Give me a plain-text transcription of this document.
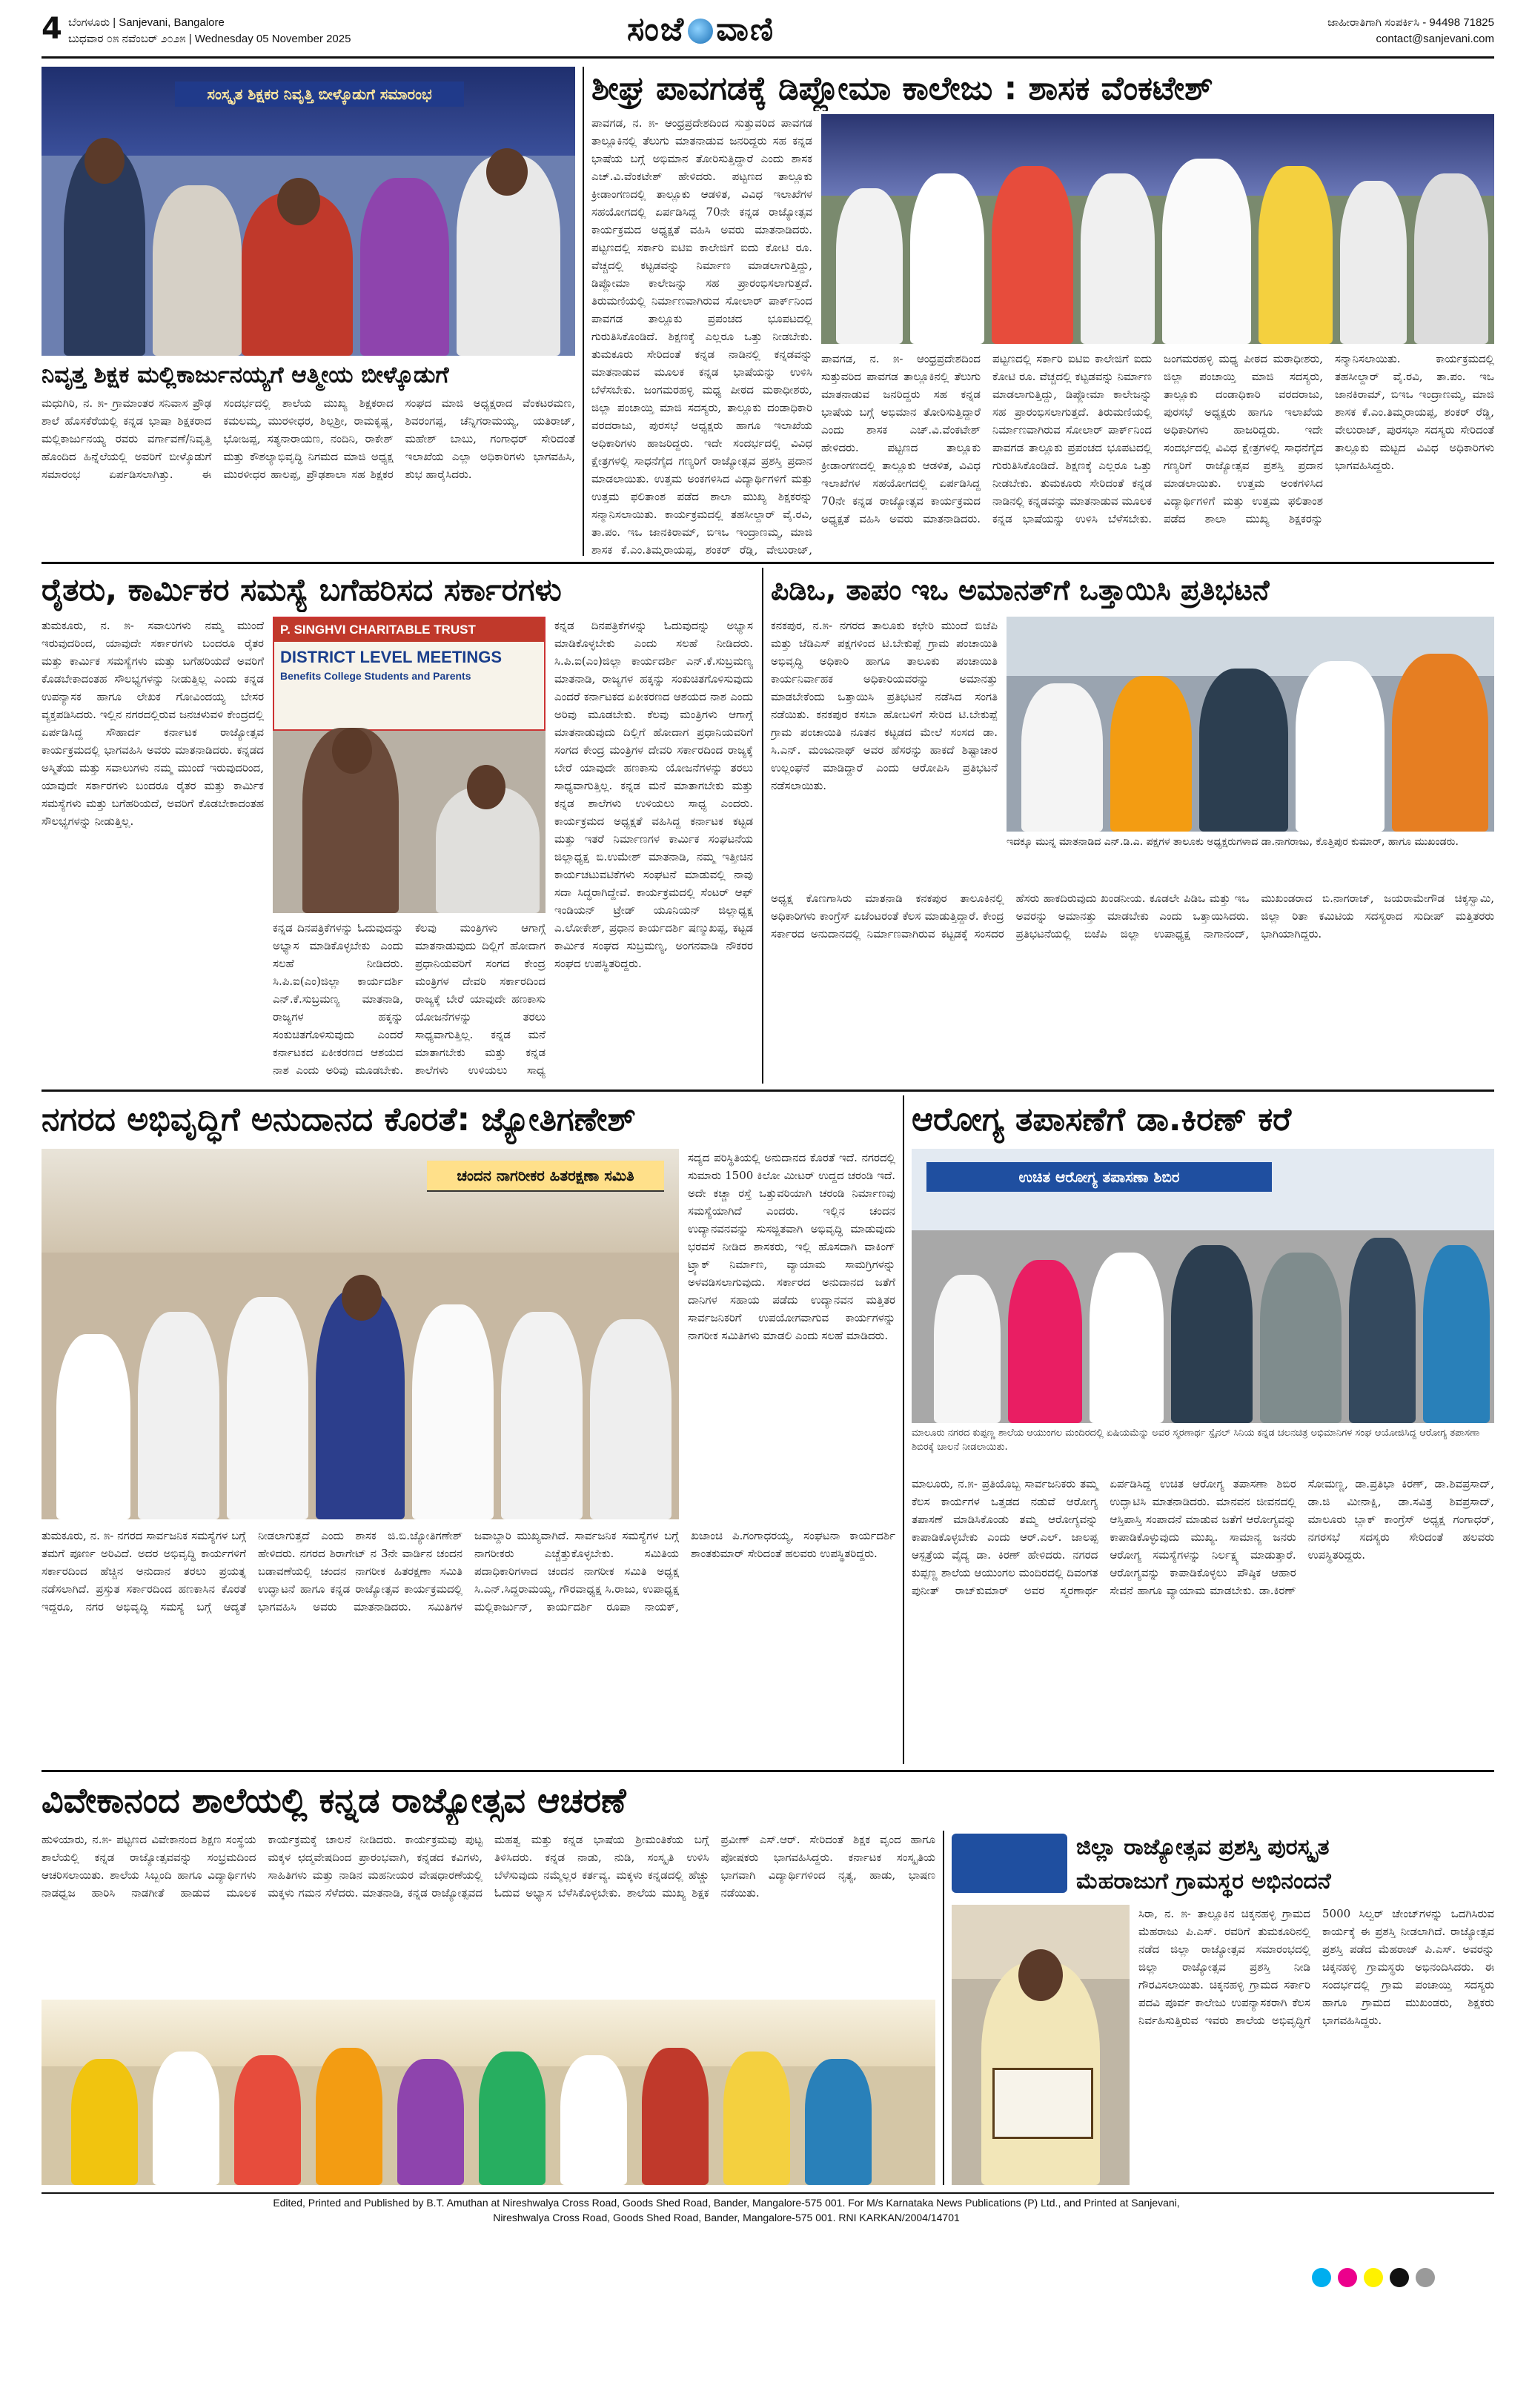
4 ಬೆಂಗಳೂರು | Sanjevani, Bangalore
ಬುಧವಾರ ೦೫ ನವೆಂಬರ್ ೨೦೨೫ | Wednesday 05 November 2025	ಸಂಜೆ ವಾಣಿ	ಜಾಹೀರಾತಿಗಾಗಿ ಸಂಪರ್ಕಿಸಿ - 94498 71825
contact@sanjevani.com
ಸಂಸ್ಕೃತ ಶಿಕ್ಷಕರ ನಿವೃತ್ತಿ ಬೀಳ್ಕೊಡುಗೆ ಸಮಾರಂಭ
ನಿವೃತ್ತ ಶಿಕ್ಷಕ ಮಲ್ಲಿಕಾರ್ಜುನಯ್ಯಗೆ ಆತ್ಮೀಯ ಬೀಳ್ಕೊಡುಗೆ
ಮಧುಗಿರಿ, ನ. ೫- ಗ್ರಾಮಾಂತರ ಸನಿವಾಸ ಪ್ರೌಢ ಶಾಲೆ ಹೊಸಕೆರೆಯಲ್ಲಿ ಕನ್ನಡ ಭಾಷಾ ಶಿಕ್ಷಕರಾದ ಮಲ್ಲಿಕಾರ್ಜುನಯ್ಯ ರವರು ವರ್ಗಾವಣೆ/ನಿವೃತ್ತಿ ಹೊಂದಿದ ಹಿನ್ನೆಲೆಯಲ್ಲಿ ಅವರಿಗೆ ಬೀಳ್ಕೊಡುಗೆ ಸಮಾರಂಭ ಏರ್ಪಡಿಸಲಾಗಿತ್ತು. ಈ ಸಂದರ್ಭದಲ್ಲಿ ಶಾಲೆಯ ಮುಖ್ಯ ಶಿಕ್ಷಕರಾದ ಕಮಲಮ್ಮ, ಮುರಳೀಧರ, ಶಿಲ್ಪಶ್ರೀ, ರಾಮಕೃಷ್ಣ, ಭೋಜಪ್ಪ, ಸತ್ಯನಾರಾಯಣ, ನಂದಿನಿ, ರಾಕೇಶ್ ಮತ್ತು ಕೌಶಲ್ಯಾಭಿವೃದ್ಧಿ ನಿಗಮದ ಮಾಜಿ ಅಧ್ಯಕ್ಷ ಮುರಳೀಧರ ಹಾಲಪ್ಪ, ಪ್ರೌಢಶಾಲಾ ಸಹ ಶಿಕ್ಷಕರ ಸಂಘದ ಮಾಜಿ ಅಧ್ಯಕ್ಷರಾದ ವೆಂಕಟರಮಣ, ಶಿವರಂಗಪ್ಪ, ಚೆನ್ನಿಗರಾಮಯ್ಯ, ಯತಿರಾಜ್, ಮಹೇಶ್ ಬಾಬು, ಗಂಗಾಧರ್ ಸೇರಿದಂತೆ ಇಲಾಖೆಯ ಎಲ್ಲಾ ಅಧಿಕಾರಿಗಳು ಭಾಗವಹಿಸಿ, ಶುಭ ಹಾರೈಸಿದರು.
ಶೀಘ್ರ ಪಾವಗಡಕ್ಕೆ ಡಿಪ್ಲೋಮಾ ಕಾಲೇಜು : ಶಾಸಕ ವೆಂಕಟೇಶ್
ಪಾವಗಡ, ನ. ೫- ಆಂಧ್ರಪ್ರದೇಶದಿಂದ ಸುತ್ತುವರಿದ ಪಾವಗಡ ತಾಲ್ಲೂಕಿನಲ್ಲಿ ತೆಲುಗು ಮಾತನಾಡುವ ಜನರಿದ್ದರು ಸಹ ಕನ್ನಡ ಭಾಷೆಯ ಬಗ್ಗೆ ಅಭಿಮಾನ ತೋರಿಸುತ್ತಿದ್ದಾರೆ ಎಂದು ಶಾಸಕ ಎಚ್.ವಿ.ವೆಂಕಟೇಶ್ ಹೇಳಿದರು. ಪಟ್ಟಣದ ತಾಲ್ಲೂಕು ಕ್ರೀಡಾಂಗಣದಲ್ಲಿ ತಾಲ್ಲೂಕು ಆಡಳಿತ, ವಿವಿಧ ಇಲಾಖೆಗಳ ಸಹಯೋಗದಲ್ಲಿ ಏರ್ಪಡಿಸಿದ್ದ 70ನೇ ಕನ್ನಡ ರಾಜ್ಯೋತ್ಸವ ಕಾರ್ಯಕ್ರಮದ ಅಧ್ಯಕ್ಷತೆ ವಹಿಸಿ ಅವರು ಮಾತನಾಡಿದರು. ಪಟ್ಟಣದಲ್ಲಿ ಸರ್ಕಾರಿ ಐಟಿಐ ಕಾಲೇಜಿಗೆ ಐದು ಕೋಟಿ ರೂ. ವೆಚ್ಚದಲ್ಲಿ ಕಟ್ಟಡವನ್ನು ನಿರ್ಮಾಣ ಮಾಡಲಾಗುತ್ತಿದ್ದು, ಡಿಪ್ಲೋಮಾ ಕಾಲೇಜನ್ನು ಸಹ ಪ್ರಾರಂಭಿಸಲಾಗುತ್ತದೆ. ತಿರುಮಣಿಯಲ್ಲಿ ನಿರ್ಮಾಣವಾಗಿರುವ ಸೋಲಾರ್ ಪಾರ್ಕ್‌ನಿಂದ ಪಾವಗಡ ತಾಲ್ಲೂಕು ಪ್ರಪಂಚದ ಭೂಪಟದಲ್ಲಿ ಗುರುತಿಸಿಕೊಂಡಿದೆ. ಶಿಕ್ಷಣಕ್ಕೆ ಎಲ್ಲರೂ ಒತ್ತು ನೀಡಬೇಕು. ತುಮಕೂರು ಸೇರಿದಂತೆ ಕನ್ನಡ ನಾಡಿನಲ್ಲಿ ಕನ್ನಡವನ್ನು ಮಾತನಾಡುವ ಮೂಲಕ ಕನ್ನಡ ಭಾಷೆಯನ್ನು ಉಳಿಸಿ ಬೆಳೆಸಬೇಕು. ಜಂಗಮರಹಳ್ಳಿ ಮಧ್ಯ ಪೀಠದ ಮಠಾಧೀಶರು, ಜಿಲ್ಲಾ ಪಂಚಾಯ್ತಿ ಮಾಜಿ ಸದಸ್ಯರು, ತಾಲ್ಲೂಕು ದಂಡಾಧಿಕಾರಿ ವರದರಾಜು, ಪುರಸಭೆ ಅಧ್ಯಕ್ಷರು ಹಾಗೂ ಇಲಾಖೆಯ ಅಧಿಕಾರಿಗಳು ಹಾಜರಿದ್ದರು. ಇದೇ ಸಂದರ್ಭದಲ್ಲಿ ವಿವಿಧ ಕ್ಷೇತ್ರಗಳಲ್ಲಿ ಸಾಧನೆಗೈದ ಗಣ್ಯರಿಗೆ ರಾಜ್ಯೋತ್ಸವ ಪ್ರಶಸ್ತಿ ಪ್ರದಾನ ಮಾಡಲಾಯಿತು. ಉತ್ತಮ ಅಂಕಗಳಿಸಿದ ವಿದ್ಯಾರ್ಥಿಗಳಿಗೆ ಮತ್ತು ಉತ್ತಮ ಫಲಿತಾಂಶ ಪಡೆದ ಶಾಲಾ ಮುಖ್ಯ ಶಿಕ್ಷಕರನ್ನು ಸನ್ಮಾನಿಸಲಾಯಿತು. ಕಾರ್ಯಕ್ರಮದಲ್ಲಿ ತಹಸೀಲ್ದಾರ್ ವೈ.ರವಿ, ತಾ.ಪಂ. ಇಒ ಜಾನಕಿರಾಮ್, ಬಿಇಒ ಇಂದ್ರಾಣಮ್ಮ, ಮಾಜಿ ಶಾಸಕ ಕೆ.ಎಂ.ತಿಮ್ಮರಾಯಪ್ಪ, ಶಂಕರ್ ರೆಡ್ಡಿ, ವೇಲುರಾಜ್,
ಪಾವಗಡ, ನ. ೫- ಆಂಧ್ರಪ್ರದೇಶದಿಂದ ಸುತ್ತುವರಿದ ಪಾವಗಡ ತಾಲ್ಲೂಕಿನಲ್ಲಿ ತೆಲುಗು ಮಾತನಾಡುವ ಜನರಿದ್ದರು ಸಹ ಕನ್ನಡ ಭಾಷೆಯ ಬಗ್ಗೆ ಅಭಿಮಾನ ತೋರಿಸುತ್ತಿದ್ದಾರೆ ಎಂದು ಶಾಸಕ ಎಚ್.ವಿ.ವೆಂಕಟೇಶ್ ಹೇಳಿದರು. ಪಟ್ಟಣದ ತಾಲ್ಲೂಕು ಕ್ರೀಡಾಂಗಣದಲ್ಲಿ ತಾಲ್ಲೂಕು ಆಡಳಿತ, ವಿವಿಧ ಇಲಾಖೆಗಳ ಸಹಯೋಗದಲ್ಲಿ ಏರ್ಪಡಿಸಿದ್ದ 70ನೇ ಕನ್ನಡ ರಾಜ್ಯೋತ್ಸವ ಕಾರ್ಯಕ್ರಮದ ಅಧ್ಯಕ್ಷತೆ ವಹಿಸಿ ಅವರು ಮಾತನಾಡಿದರು. ಪಟ್ಟಣದಲ್ಲಿ ಸರ್ಕಾರಿ ಐಟಿಐ ಕಾಲೇಜಿಗೆ ಐದು ಕೋಟಿ ರೂ. ವೆಚ್ಚದಲ್ಲಿ ಕಟ್ಟಡವನ್ನು ನಿರ್ಮಾಣ ಮಾಡಲಾಗುತ್ತಿದ್ದು, ಡಿಪ್ಲೋಮಾ ಕಾಲೇಜನ್ನು ಸಹ ಪ್ರಾರಂಭಿಸಲಾಗುತ್ತದೆ. ತಿರುಮಣಿಯಲ್ಲಿ ನಿರ್ಮಾಣವಾಗಿರುವ ಸೋಲಾರ್ ಪಾರ್ಕ್‌ನಿಂದ ಪಾವಗಡ ತಾಲ್ಲೂಕು ಪ್ರಪಂಚದ ಭೂಪಟದಲ್ಲಿ ಗುರುತಿಸಿಕೊಂಡಿದೆ. ಶಿಕ್ಷಣಕ್ಕೆ ಎಲ್ಲರೂ ಒತ್ತು ನೀಡಬೇಕು. ತುಮಕೂರು ಸೇರಿದಂತೆ ಕನ್ನಡ ನಾಡಿನಲ್ಲಿ ಕನ್ನಡವನ್ನು ಮಾತನಾಡುವ ಮೂಲಕ ಕನ್ನಡ ಭಾಷೆಯನ್ನು ಉಳಿಸಿ ಬೆಳೆಸಬೇಕು. ಜಂಗಮರಹಳ್ಳಿ ಮಧ್ಯ ಪೀಠದ ಮಠಾಧೀಶರು, ಜಿಲ್ಲಾ ಪಂಚಾಯ್ತಿ ಮಾಜಿ ಸದಸ್ಯರು, ತಾಲ್ಲೂಕು ದಂಡಾಧಿಕಾರಿ ವರದರಾಜು, ಪುರಸಭೆ ಅಧ್ಯಕ್ಷರು ಹಾಗೂ ಇಲಾಖೆಯ ಅಧಿಕಾರಿಗಳು ಹಾಜರಿದ್ದರು. ಇದೇ ಸಂದರ್ಭದಲ್ಲಿ ವಿವಿಧ ಕ್ಷೇತ್ರಗಳಲ್ಲಿ ಸಾಧನೆಗೈದ ಗಣ್ಯರಿಗೆ ರಾಜ್ಯೋತ್ಸವ ಪ್ರಶಸ್ತಿ ಪ್ರದಾನ ಮಾಡಲಾಯಿತು. ಉತ್ತಮ ಅಂಕಗಳಿಸಿದ ವಿದ್ಯಾರ್ಥಿಗಳಿಗೆ ಮತ್ತು ಉತ್ತಮ ಫಲಿತಾಂಶ ಪಡೆದ ಶಾಲಾ ಮುಖ್ಯ ಶಿಕ್ಷಕರನ್ನು ಸನ್ಮಾನಿಸಲಾಯಿತು. ಕಾರ್ಯಕ್ರಮದಲ್ಲಿ ತಹಸೀಲ್ದಾರ್ ವೈ.ರವಿ, ತಾ.ಪಂ. ಇಒ ಜಾನಕಿರಾಮ್, ಬಿಇಒ ಇಂದ್ರಾಣಮ್ಮ, ಮಾಜಿ ಶಾಸಕ ಕೆ.ಎಂ.ತಿಮ್ಮರಾಯಪ್ಪ, ಶಂಕರ್ ರೆಡ್ಡಿ, ವೇಲುರಾಜ್, ಪುರಸಭಾ ಸದಸ್ಯರು ಸೇರಿದಂತೆ ತಾಲ್ಲೂಕು ಮಟ್ಟದ ವಿವಿಧ ಅಧಿಕಾರಿಗಳು ಭಾಗವಹಿಸಿದ್ದರು.
ರೈತರು, ಕಾರ್ಮಿಕರ ಸಮಸ್ಯೆ ಬಗೆಹರಿಸದ ಸರ್ಕಾರಗಳು
ತುಮಕೂರು, ನ. ೫- ಸವಾಲುಗಳು ನಮ್ಮ ಮುಂದೆ ಇರುವುದರಿಂದ, ಯಾವುದೇ ಸರ್ಕಾರಗಳು ಬಂದರೂ ರೈತರ ಮತ್ತು ಕಾರ್ಮಿಕ ಸಮಸ್ಯೆಗಳು ಮತ್ತು ಬಗೆಹರಿಯದೆ ಅವರಿಗೆ ಕೊಡಬೇಕಾದಂತಹ ಸೌಲಭ್ಯಗಳನ್ನು ನೀಡುತ್ತಿಲ್ಲ ಎಂದು ಕನ್ನಡ ಉಪನ್ಯಾಸಕ ಹಾಗೂ ಲೇಖಕ ಗೋವಿಂದಯ್ಯ ಬೇಸರ ವ್ಯಕ್ತಪಡಿಸಿದರು. ಇಲ್ಲಿನ ನಗರದಲ್ಲಿರುವ ಜನಚಳುವಳಿ ಕೇಂದ್ರದಲ್ಲಿ ಏರ್ಪಡಿಸಿದ್ದ ಸೌಹಾರ್ದ ಕರ್ನಾಟಕ ರಾಜ್ಯೋತ್ಸವ ಕಾರ್ಯಕ್ರಮದಲ್ಲಿ ಭಾಗವಹಿಸಿ ಅವರು ಮಾತನಾಡಿದರು. ಕನ್ನಡದ ಅಸ್ಮಿತೆಯ ಮತ್ತು ಸವಾಲುಗಳು ನಮ್ಮ ಮುಂದೆ ಇರುವುದರಿಂದ, ಯಾವುದೇ ಸರ್ಕಾರಗಳು ಬಂದರೂ ರೈತರ ಮತ್ತು ಕಾರ್ಮಿಕ ಸಮಸ್ಯೆಗಳು ಮತ್ತು ಬಗೆಹರಿಯದೆ, ಅವರಿಗೆ ಕೊಡಬೇಕಾದಂತಹ ಸೌಲಭ್ಯಗಳನ್ನು ನೀಡುತ್ತಿಲ್ಲ.
P. SINGHVI CHARITABLE TRUST
DISTRICT LEVEL MEETINGS
Benefits College Students and Parents
ಕನ್ನಡ ದಿನಪತ್ರಿಕೆಗಳನ್ನು ಓದುವುದನ್ನು ಅಭ್ಯಾಸ ಮಾಡಿಕೊಳ್ಳಬೇಕು ಎಂದು ಸಲಹೆ ನೀಡಿದರು. ಸಿ.ಪಿ.ಐ(ಎಂ)ಜಿಲ್ಲಾ ಕಾರ್ಯದರ್ಶಿ ಎನ್.ಕೆ.ಸುಬ್ರಮಣ್ಯ ಮಾತನಾಡಿ, ರಾಜ್ಯಗಳ ಹಕ್ಕನ್ನು ಸಂಕುಚಿತಗೊಳಿಸುವುದು ಎಂದರೆ ಕರ್ನಾಟಕದ ಏಕೀಕರಣದ ಆಶಯದ ನಾಶ ಎಂದು ಅರಿವು ಮೂಡಬೇಕು. ಕೆಲವು ಮಂತ್ರಿಗಳು ಆಗಾಗ್ಗೆ ಮಾತನಾಡುವುದು ದಿಲ್ಲಿಗೆ ಹೋದಾಗ ಪ್ರಧಾನಿಯವರಿಗೆ ಸಂಗದ ಕೇಂದ್ರ ಮಂತ್ರಿಗಳ ದೇವರಿ ಸರ್ಕಾರದಿಂದ ರಾಜ್ಯಕ್ಕೆ ಬೇರೆ ಯಾವುದೇ ಹಣಕಾಸು ಯೋಜನೆಗಳನ್ನು ತರಲು ಸಾಧ್ಯವಾಗುತ್ತಿಲ್ಲ. ಕನ್ನಡ ಮನೆ ಮಾತಾಗಬೇಕು ಮತ್ತು ಕನ್ನಡ ಶಾಲೆಗಳು ಉಳಿಯಲು ಸಾಧ್ಯ ಎಂದರು. ಕಾರ್ಯಕ್ರಮದ ಅಧ್ಯಕ್ಷತೆ ವಹಿಸಿದ್ದ ಕರ್ನಾಟಕ ಕಟ್ಟಡ ಮತ್ತು ಇತರೆ ನಿರ್ಮಾಣಗಳ ಕಾರ್ಮಿಕ ಸಂಘಟನೆಯ ಜಿಲ್ಲಾಧ್ಯಕ್ಷ ಬಿ.ಉಮೇಶ್ ಮಾತನಾಡಿ, ನಮ್ಮ ಇತ್ತೀಚಿನ ಕಾರ್ಯಚಟುವಟಿಕೆಗಳು ಸಂಘಟನೆ ಮಾಡುವಲ್ಲಿ ನಾವು ಸದಾ ಸಿದ್ಧರಾಗಿದ್ದೇವೆ. ಕಾರ್ಯಕ್ರಮದಲ್ಲಿ ಸೆಂಟರ್ ಆಫ್ ಇಂಡಿಯನ್ ಟ್ರೇಡ್ ಯೂನಿಯನ್ ಜಿಲ್ಲಾಧ್ಯಕ್ಷ ಎ.ಲೋಕೇಶ್, ಪ್ರಧಾನ ಕಾರ್ಯದರ್ಶಿ ಷಣ್ಮುಖಪ್ಪ, ಕಟ್ಟಡ ಕಾರ್ಮಿಕ ಸಂಘದ ಸುಬ್ರಮಣ್ಯ, ಅಂಗನವಾಡಿ ನೌಕರರ ಸಂಘದ ಉಪಸ್ಥಿತರಿದ್ದರು.
ಕನ್ನಡ ದಿನಪತ್ರಿಕೆಗಳನ್ನು ಓದುವುದನ್ನು ಅಭ್ಯಾಸ ಮಾಡಿಕೊಳ್ಳಬೇಕು ಎಂದು ಸಲಹೆ ನೀಡಿದರು. ಸಿ.ಪಿ.ಐ(ಎಂ)ಜಿಲ್ಲಾ ಕಾರ್ಯದರ್ಶಿ ಎನ್.ಕೆ.ಸುಬ್ರಮಣ್ಯ ಮಾತನಾಡಿ, ರಾಜ್ಯಗಳ ಹಕ್ಕನ್ನು ಸಂಕುಚಿತಗೊಳಿಸುವುದು ಎಂದರೆ ಕರ್ನಾಟಕದ ಏಕೀಕರಣದ ಆಶಯದ ನಾಶ ಎಂದು ಅರಿವು ಮೂಡಬೇಕು. ಕೆಲವು ಮಂತ್ರಿಗಳು ಆಗಾಗ್ಗೆ ಮಾತನಾಡುವುದು ದಿಲ್ಲಿಗೆ ಹೋದಾಗ ಪ್ರಧಾನಿಯವರಿಗೆ ಸಂಗದ ಕೇಂದ್ರ ಮಂತ್ರಿಗಳ ದೇವರಿ ಸರ್ಕಾರದಿಂದ ರಾಜ್ಯಕ್ಕೆ ಬೇರೆ ಯಾವುದೇ ಹಣಕಾಸು ಯೋಜನೆಗಳನ್ನು ತರಲು ಸಾಧ್ಯವಾಗುತ್ತಿಲ್ಲ. ಕನ್ನಡ ಮನೆ ಮಾತಾಗಬೇಕು ಮತ್ತು ಕನ್ನಡ ಶಾಲೆಗಳು ಉಳಿಯಲು ಸಾಧ್ಯ
ಪಿಡಿಒ, ತಾಪಂ ಇಒ ಅಮಾನತ್‌ಗೆ ಒತ್ತಾಯಿಸಿ ಪ್ರತಿಭಟನೆ
ಕನಕಪುರ, ನ.೫- ನಗರದ ತಾಲೂಕು ಕಛೇರಿ ಮುಂದೆ ಬಿಜೆಪಿ ಮತ್ತು ಜೆಡಿಎಸ್ ಪಕ್ಷಗಳಿಂದ ಟಿ.ಬೇಕುಪ್ಪೆ ಗ್ರಾಮ ಪಂಚಾಯಿತಿ ಅಭಿವೃದ್ಧಿ ಅಧಿಕಾರಿ ಹಾಗೂ ತಾಲೂಕು ಪಂಚಾಯಿತಿ ಕಾರ್ಯನಿರ್ವಾಹಕ ಅಧಿಕಾರಿಯವರನ್ನು ಅಮಾನತ್ತು ಮಾಡಬೇಕೆಂದು ಒತ್ತಾಯಿಸಿ ಪ್ರತಿಭಟನೆ ನಡೆಸಿದ ಸಂಗತಿ ನಡೆಯಿತು. ಕನಕಪುರ ಕಸಬಾ ಹೋಬಳಿಗೆ ಸೇರಿದ ಟಿ.ಬೇಕುಪ್ಪೆ ಗ್ರಾಮ ಪಂಚಾಯಿತಿ ನೂತನ ಕಟ್ಟಡದ ಮೇಲೆ ಸಂಸದ ಡಾ. ಸಿ.ಎನ್. ಮಂಜುನಾಥ್ ಅವರ ಹೆಸರನ್ನು ಹಾಕದೆ ಶಿಷ್ಟಾಚಾರ ಉಲ್ಲಂಘನೆ ಮಾಡಿದ್ದಾರೆ ಎಂದು ಆರೋಪಿಸಿ ಪ್ರತಿಭಟನೆ ನಡೆಸಲಾಯಿತು.
ಇದಕ್ಕೂ ಮುನ್ನ ಮಾತನಾಡಿದ ಎನ್.ಡಿ.ಎ. ಪಕ್ಷಗಳ ತಾಲೂಕು ಅಧ್ಯಕ್ಷರುಗಳಾದ ಡಾ.ನಾಗರಾಜು, ಕೊತ್ತಿಪುರ ಕುಮಾರ್, ಹಾಗೂ ಮುಖಂಡರು.
ಅಧ್ಯಕ್ಷ ಕೊಣಗಾಸಿರು ಮಾತನಾಡಿ ಕನಕಪುರ ತಾಲೂಕಿನಲ್ಲಿ ಅಧಿಕಾರಿಗಳು ಕಾಂಗ್ರೆಸ್ ಏಜೆಂಟರಂತೆ ಕೆಲಸ ಮಾಡುತ್ತಿದ್ದಾರೆ. ಕೇಂದ್ರ ಸರ್ಕಾರದ ಅನುದಾನದಲ್ಲಿ ನಿರ್ಮಾಣವಾಗಿರುವ ಕಟ್ಟಡಕ್ಕೆ ಸಂಸದರ ಹೆಸರು ಹಾಕದಿರುವುದು ಖಂಡನೀಯ. ಕೂಡಲೇ ಪಿಡಿಒ ಮತ್ತು ಇಒ ಅವರನ್ನು ಅಮಾನತ್ತು ಮಾಡಬೇಕು ಎಂದು ಒತ್ತಾಯಿಸಿದರು. ಪ್ರತಿಭಟನೆಯಲ್ಲಿ ಬಿಜೆಪಿ ಜಿಲ್ಲಾ ಉಪಾಧ್ಯಕ್ಷ ನಾಗಾನಂದ್, ಮುಖಂಡರಾದ ಬಿ.ನಾಗರಾಜ್, ಜಯರಾಮೇಗೌಡ ಚಿಕ್ಕಸ್ವಾಮಿ, ಜಿಲ್ಲಾ ರಿತಾ ಕಮಿಟಿಯ ಸದಸ್ಯರಾದ ಸುದೀಪ್ ಮತ್ತಿತರರು ಭಾಗಿಯಾಗಿದ್ದರು.
ನಗರದ ಅಭಿವೃದ್ಧಿಗೆ ಅನುದಾನದ ಕೊರತೆ: ಜ್ಯೋತಿಗಣೇಶ್
ಚಂದನ ನಾಗರೀಕರ ಹಿತರಕ್ಷಣಾ ಸಮಿತಿ
ಸದ್ಯದ ಪರಿಸ್ಥಿತಿಯಲ್ಲಿ ಅನುದಾನದ ಕೊರತೆ ಇದೆ. ನಗರದಲ್ಲಿ ಸುಮಾರು 1500 ಕಿಲೋ ಮೀಟರ್ ಉದ್ದದ ಚರಂಡಿ ಇದೆ. ಅದೇ ಕಚ್ಚಾ ರಸ್ತೆ ಒತ್ತುವರಿಯಾಗಿ ಚರಂಡಿ ನಿರ್ಮಾಣವು ಸಮಸ್ಯೆಯಾಗಿದೆ ಎಂದರು. ಇಲ್ಲಿನ ಚಂದನ ಉದ್ಯಾನವನವನ್ನು ಸುಸಜ್ಜಿತವಾಗಿ ಅಭಿವೃದ್ಧಿ ಮಾಡುವುದು ಭರವಸೆ ನೀಡಿದ ಶಾಸಕರು, ಇಲ್ಲಿ ಹೊಸದಾಗಿ ವಾಕಿಂಗ್ ಟ್ರ್ಯಾಕ್ ನಿರ್ಮಾಣ, ವ್ಯಾಯಾಮ ಸಾಮಗ್ರಿಗಳನ್ನು ಅಳವಡಿಸಲಾಗುವುದು. ಸರ್ಕಾರದ ಅನುದಾನದ ಜತೆಗೆ ದಾನಿಗಳ ಸಹಾಯ ಪಡೆದು ಉದ್ಯಾನವನ ಮತ್ತಿತರ ಸಾರ್ವಜನಿಕರಿಗೆ ಉಪಯೋಗವಾಗುವ ಕಾರ್ಯಗಳನ್ನು ನಾಗರೀಕ ಸಮಿತಿಗಳು ಮಾಡಲಿ ಎಂದು ಸಲಹೆ ಮಾಡಿದರು.
ತುಮಕೂರು, ನ. ೫- ನಗರದ ಸಾರ್ವಜನಿಕ ಸಮಸ್ಯೆಗಳ ಬಗ್ಗೆ ತಮಗೆ ಪೂರ್ಣ ಅರಿವಿದೆ. ಅದರ ಅಭಿವೃದ್ಧಿ ಕಾರ್ಯಗಳಿಗೆ ಸರ್ಕಾರದಿಂದ ಹೆಚ್ಚಿನ ಅನುದಾನ ತರಲು ಪ್ರಯತ್ನ ನಡೆಸಲಾಗಿದೆ. ಪ್ರಸ್ತುತ ಸರ್ಕಾರದಿಂದ ಹಣಕಾಸಿನ ಕೊರತೆ ಇದ್ದರೂ, ನಗರ ಅಭಿವೃದ್ಧಿ ಸಮಸ್ಯೆ ಬಗ್ಗೆ ಆದ್ಯತೆ ನೀಡಲಾಗುತ್ತದೆ ಎಂದು ಶಾಸಕ ಜಿ.ಬಿ.ಜ್ಯೋತಿಗಣೇಶ್ ಹೇಳಿದರು. ನಗರದ ಶಿರಾಗೇಟ್ ನ 3ನೇ ವಾರ್ಡಿನ ಚಂದನ ಬಡಾವಣೆಯಲ್ಲಿ ಚಂದನ ನಾಗರೀಕ ಹಿತರಕ್ಷಣಾ ಸಮಿತಿ ಉದ್ಘಾಟನೆ ಹಾಗೂ ಕನ್ನಡ ರಾಜ್ಯೋತ್ಸವ ಕಾರ್ಯಕ್ರಮದಲ್ಲಿ ಭಾಗವಹಿಸಿ ಅವರು ಮಾತನಾಡಿದರು. ಸಮಿತಿಗಳ ಜವಾಬ್ದಾರಿ ಮುಖ್ಯವಾಗಿದೆ. ಸಾರ್ವಜನಿಕ ಸಮಸ್ಯೆಗಳ ಬಗ್ಗೆ ನಾಗರೀಕರು ಎಚ್ಚೆತ್ತುಕೊಳ್ಳಬೇಕು. ಸಮಿತಿಯ ಪದಾಧಿಕಾರಿಗಳಾದ ಚಂದನ ನಾಗರೀಕ ಸಮಿತಿ ಅಧ್ಯಕ್ಷ ಸಿ.ಎನ್.ಸಿದ್ದರಾಮಯ್ಯ, ಗೌರವಾಧ್ಯಕ್ಷ ಸಿ.ರಾಜು, ಉಪಾಧ್ಯಕ್ಷ ಮಲ್ಲಿಕಾರ್ಜುನ್, ಕಾರ್ಯದರ್ಶಿ ರೂಪಾ ನಾಯಕ್, ಖಜಾಂಚಿ ಪಿ.ಗಂಗಾಧರಯ್ಯ, ಸಂಘಟನಾ ಕಾರ್ಯದರ್ಶಿ ಶಾಂತಕುಮಾರ್ ಸೇರಿದಂತೆ ಹಲವರು ಉಪಸ್ಥಿತರಿದ್ದರು.
ಆರೋಗ್ಯ ತಪಾಸಣೆಗೆ ಡಾ.ಕಿರಣ್ ಕರೆ
ಉಚಿತ ಆರೋಗ್ಯ ತಪಾಸಣಾ ಶಿಬಿರ
ಮಾಲೂರು ನಗರದ ಕುಪ್ಪಣ್ಣ ಶಾಲೆಯ ಆಯುಂಗಲ ಮಂದಿರದಲ್ಲಿ ಏಷಿಯಮೆನ್ನು ಅವರ ಸ್ಮರಣಾರ್ಥ ಸ್ಪೈನಲ್ ಸಿನಿಯ ಕನ್ನಡ ಚಲನಚಿತ್ರ ಅಭಿಮಾನಿಗಳ ಸಂಘ ಆಯೋಜಿಸಿದ್ದ ಆರೋಗ್ಯ ತಪಾಸಣಾ ಶಿಬಿರಕ್ಕೆ ಚಾಲನೆ ನೀಡಲಾಯಿತು.
ಮಾಲೂರು, ನ.೫- ಪ್ರತಿಯೊಬ್ಬ ಸಾರ್ವಜನಿಕರು ತಮ್ಮ ಕೆಲಸ ಕಾರ್ಯಗಳ ಒತ್ತಡದ ನಡುವೆ ಆರೋಗ್ಯ ತಪಾಸಣೆ ಮಾಡಿಸಿಕೊಂಡು ತಮ್ಮ ಆರೋಗ್ಯವನ್ನು ಕಾಪಾಡಿಕೊಳ್ಳಬೇಕು ಎಂದು ಆರ್.ಎಲ್. ಜಾಲಪ್ಪ ಆಸ್ಪತ್ರೆಯ ವೈದ್ಯ ಡಾ. ಕಿರಣ್ ಹೇಳಿದರು. ನಗರದ ಕುಪ್ಪಣ್ಣ ಶಾಲೆಯ ಆಯುಂಗಲ ಮಂದಿರದಲ್ಲಿ ದಿವಂಗತ ಪುನೀತ್ ರಾಜ್‌ಕುಮಾರ್ ಅವರ ಸ್ಮರಣಾರ್ಥ ಏರ್ಪಡಿಸಿದ್ದ ಉಚಿತ ಆರೋಗ್ಯ ತಪಾಸಣಾ ಶಿಬಿರ ಉದ್ಘಾಟಿಸಿ ಮಾತನಾಡಿದರು. ಮಾನವನ ಜೀವನದಲ್ಲಿ ಆಸ್ತಿಪಾಸ್ತಿ ಸಂಪಾದನೆ ಮಾಡುವ ಜತೆಗೆ ಆರೋಗ್ಯವನ್ನು ಕಾಪಾಡಿಕೊಳ್ಳುವುದು ಮುಖ್ಯ. ಸಾಮಾನ್ಯ ಜನರು ಆರೋಗ್ಯ ಸಮಸ್ಯೆಗಳನ್ನು ನಿರ್ಲಕ್ಷ್ಯ ಮಾಡುತ್ತಾರೆ. ಆರೋಗ್ಯವನ್ನು ಕಾಪಾಡಿಕೊಳ್ಳಲು ಪೌಷ್ಠಿಕ ಆಹಾರ ಸೇವನೆ ಹಾಗೂ ವ್ಯಾಯಾಮ ಮಾಡಬೇಕು. ಡಾ.ಕಿರಣ್ ಸೋಮಣ್ಣ, ಡಾ.ಪ್ರತಿಭಾ ಕಿರಣ್, ಡಾ.ಶಿವಪ್ರಸಾದ್, ಡಾ.ಜಿ ಮೀನಾಕ್ಷಿ, ಡಾ.ಸವಿತ್ರ ಶಿವಪ್ರಸಾದ್, ಮಾಲೂರು ಬ್ಲಾಕ್ ಕಾಂಗ್ರೆಸ್ ಅಧ್ಯಕ್ಷ ಗಂಗಾಧರ್, ನಗರಸಭೆ ಸದಸ್ಯರು ಸೇರಿದಂತೆ ಹಲವರು ಉಪಸ್ಥಿತರಿದ್ದರು.
ವಿವೇಕಾನಂದ ಶಾಲೆಯಲ್ಲಿ ಕನ್ನಡ ರಾಜ್ಯೋತ್ಸವ ಆಚರಣೆ
ಹುಳಿಯಾರು, ನ.೫- ಪಟ್ಟಣದ ವಿವೇಕಾನಂದ ಶಿಕ್ಷಣ ಸಂಸ್ಥೆಯ ಶಾಲೆಯಲ್ಲಿ ಕನ್ನಡ ರಾಜ್ಯೋತ್ಸವವನ್ನು ಸಂಭ್ರಮದಿಂದ ಆಚರಿಸಲಾಯಿತು. ಶಾಲೆಯ ಸಿಬ್ಬಂದಿ ಹಾಗೂ ವಿದ್ಯಾರ್ಥಿಗಳು ನಾಡಧ್ವಜ ಹಾರಿಸಿ ನಾಡಗೀತೆ ಹಾಡುವ ಮೂಲಕ ಕಾರ್ಯಕ್ರಮಕ್ಕೆ ಚಾಲನೆ ನೀಡಿದರು. ಕಾರ್ಯಕ್ರಮವು ಪುಟ್ಟ ಮಕ್ಕಳ ಛದ್ಮವೇಷದಿಂದ ಪ್ರಾರಂಭವಾಗಿ, ಕನ್ನಡದ ಕವಿಗಳು, ಸಾಹಿತಿಗಳು ಮತ್ತು ನಾಡಿನ ಮಹನೀಯರ ವೇಷಧಾರಣೆಯಲ್ಲಿ ಮಕ್ಕಳು ಗಮನ ಸೆಳೆದರು. ಮಾತನಾಡಿ, ಕನ್ನಡ ರಾಜ್ಯೋತ್ಸವದ ಮಹತ್ವ ಮತ್ತು ಕನ್ನಡ ಭಾಷೆಯ ಶ್ರೀಮಂತಿಕೆಯ ಬಗ್ಗೆ ತಿಳಿಸಿದರು. ಕನ್ನಡ ನಾಡು, ನುಡಿ, ಸಂಸ್ಕೃತಿ ಉಳಿಸಿ ಬೆಳೆಸುವುದು ನಮ್ಮೆಲ್ಲರ ಕರ್ತವ್ಯ. ಮಕ್ಕಳು ಕನ್ನಡದಲ್ಲಿ ಹೆಚ್ಚು ಓದುವ ಅಭ್ಯಾಸ ಬೆಳೆಸಿಕೊಳ್ಳಬೇಕು. ಶಾಲೆಯ ಮುಖ್ಯ ಶಿಕ್ಷಕ ಪ್ರವೀಣ್ ಎಸ್.ಆರ್. ಸೇರಿದಂತೆ ಶಿಕ್ಷಕ ವೃಂದ ಹಾಗೂ ಪೋಷಕರು ಭಾಗವಹಿಸಿದ್ದರು. ಕರ್ನಾಟಕ ಸಂಸ್ಕೃತಿಯ ಭಾಗವಾಗಿ ವಿದ್ಯಾರ್ಥಿಗಳಿಂದ ನೃತ್ಯ, ಹಾಡು, ಭಾಷಣ ನಡೆಯಿತು.
ಜಿಲ್ಲಾ ರಾಜ್ಯೋತ್ಸವ ಪ್ರಶಸ್ತಿ ಪುರಸ್ಕೃತ
ಮೆಹರಾಜುಗೆ ಗ್ರಾಮಸ್ಥರ ಅಭಿನಂದನೆ
ಸಿರಾ, ನ. ೫- ತಾಲ್ಲೂಕಿನ ಚಿಕ್ಕನಹಳ್ಳಿ ಗ್ರಾಮದ ಮೆಹರಾಜು ಪಿ.ಎಸ್. ರವರಿಗೆ ತುಮಕೂರಿನಲ್ಲಿ ನಡೆದ ಜಿಲ್ಲಾ ರಾಜ್ಯೋತ್ಸವ ಸಮಾರಂಭದಲ್ಲಿ ಜಿಲ್ಲಾ ರಾಜ್ಯೋತ್ಸವ ಪ್ರಶಸ್ತಿ ನೀಡಿ ಗೌರವಿಸಲಾಯಿತು. ಚಿಕ್ಕನಹಳ್ಳಿ ಗ್ರಾಮದ ಸರ್ಕಾರಿ ಪದವಿ ಪೂರ್ವ ಕಾಲೇಜು ಉಪನ್ಯಾಸಕರಾಗಿ ಕೆಲಸ ನಿರ್ವಹಿಸುತ್ತಿರುವ ಇವರು ಶಾಲೆಯ ಅಭಿವೃದ್ಧಿಗೆ 5000 ಸಿಲ್ವರ್ ಚೇಂಜ್‌ಗಳನ್ನು ಒದಗಿಸಿರುವ ಕಾರ್ಯಕ್ಕೆ ಈ ಪ್ರಶಸ್ತಿ ನೀಡಲಾಗಿದೆ. ರಾಜ್ಯೋತ್ಸವ ಪ್ರಶಸ್ತಿ ಪಡೆದ ಮೆಹರಾಜ್ ಪಿ.ಎಸ್. ಅವರನ್ನು ಚಿಕ್ಕನಹಳ್ಳಿ ಗ್ರಾಮಸ್ಥರು ಅಭಿನಂದಿಸಿದರು. ಈ ಸಂದರ್ಭದಲ್ಲಿ ಗ್ರಾಮ ಪಂಚಾಯ್ತಿ ಸದಸ್ಯರು ಹಾಗೂ ಗ್ರಾಮದ ಮುಖಂಡರು, ಶಿಕ್ಷಕರು ಭಾಗವಹಿಸಿದ್ದರು.
Edited, Printed and Published by B.T. Amuthan at Nireshwalya Cross Road, Goods Shed Road, Bander, Mangalore-575 001. For M/s Karnataka News Publications (P) Ltd., and Printed at Sanjevani,
Nireshwalya Cross Road, Goods Shed Road, Bander, Mangalore-575 001. RNI KARKAN/2004/14701
